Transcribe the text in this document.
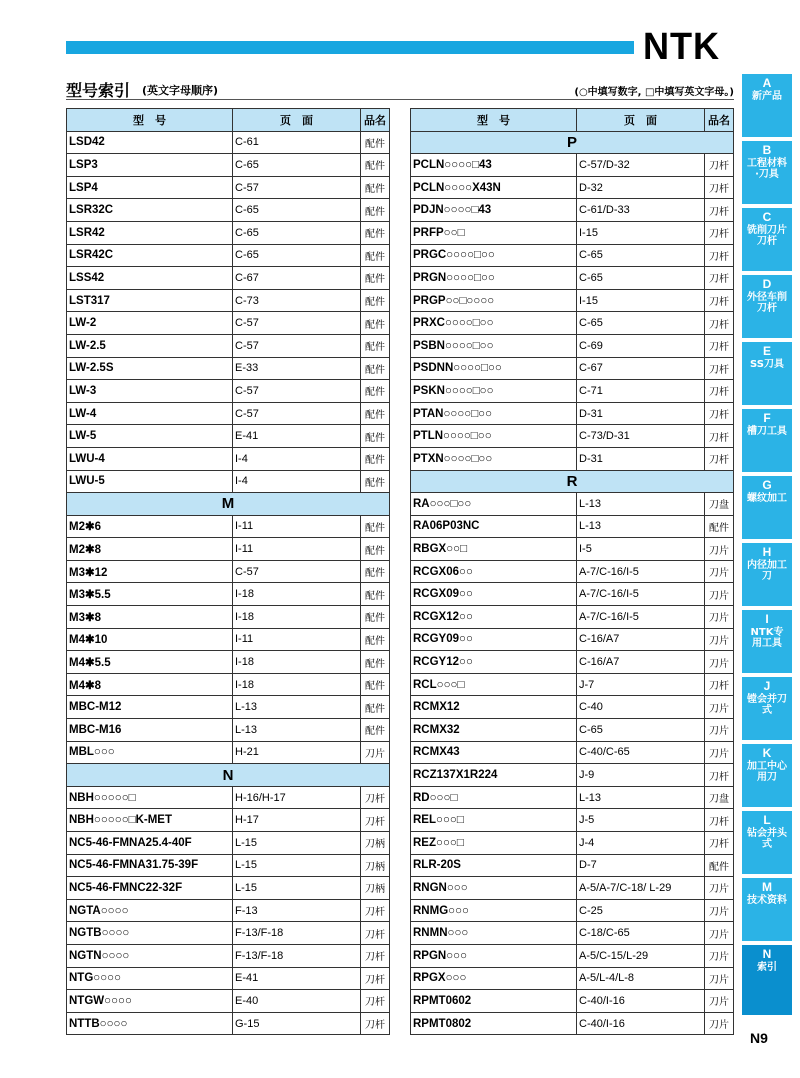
NTK
型号索引 (英文字母顺序)	(○中填写数字, □中填写英文字母。)
型　号	页　面	品名
LSD42	C-61	配件
LSP3	C-65	配件
LSP4	C-57	配件
LSR32C	C-65	配件
LSR42	C-65	配件
LSR42C	C-65	配件
LSS42	C-67	配件
LST317	C-73	配件
LW-2	C-57	配件
LW-2.5	C-57	配件
LW-2.5S	E-33	配件
LW-3	C-57	配件
LW-4	C-57	配件
LW-5	E-41	配件
LWU-4	I-4	配件
LWU-5	I-4	配件
M		
M2✱6	I-11	配件
M2✱8	I-11	配件
M3✱12	C-57	配件
M3✱5.5	I-18	配件
M3✱8	I-18	配件
M4✱10	I-11	配件
M4✱5.5	I-18	配件
M4✱8	I-18	配件
MBC-M12	L-13	配件
MBC-M16	L-13	配件
MBL○○○	H-21	刀片
N		
NBH○○○○○□	H-16/H-17	刀杆
NBH○○○○○□K-MET	H-17	刀杆
NC5-46-FMNA25.4-40F	L-15	刀柄
NC5-46-FMNA31.75-39F	L-15	刀柄
NC5-46-FMNC22-32F	L-15	刀柄
NGTA○○○○	F-13	刀杆
NGTB○○○○	F-13/F-18	刀杆
NGTN○○○○	F-13/F-18	刀杆
NTG○○○○	E-41	刀杆
NTGW○○○○	E-40	刀杆
NTTB○○○○	G-15	刀杆
型　号	页　面	品名
P		
PCLN○○○○□43	C-57/D-32	刀杆
PCLN○○○○X43N	D-32	刀杆
PDJN○○○○□43	C-61/D-33	刀杆
PRFP○○□	I-15	刀杆
PRGC○○○○□○○	C-65	刀杆
PRGN○○○○□○○	C-65	刀杆
PRGP○○□○○○○	I-15	刀杆
PRXC○○○○□○○	C-65	刀杆
PSBN○○○○□○○	C-69	刀杆
PSDNN○○○○□○○	C-67	刀杆
PSKN○○○○□○○	C-71	刀杆
PTAN○○○○□○○	D-31	刀杆
PTLN○○○○□○○	C-73/D-31	刀杆
PTXN○○○○□○○	D-31	刀杆
R		
RA○○○□○○	L-13	刀盘
RA06P03NC	L-13	配件
RBGX○○□	I-5	刀片
RCGX06○○	A-7/C-16/I-5	刀片
RCGX09○○	A-7/C-16/I-5	刀片
RCGX12○○	A-7/C-16/I-5	刀片
RCGY09○○	C-16/A7	刀片
RCGY12○○	C-16/A7	刀片
RCL○○○□	J-7	刀杆
RCMX12	C-40	刀片
RCMX32	C-65	刀片
RCMX43	C-40/C-65	刀片
RCZ137X1R224	J-9	刀杆
RD○○○□	L-13	刀盘
REL○○○□	J-5	刀杆
REZ○○○□	J-4	刀杆
RLR-20S	D-7	配件
RNGN○○○	A-5/A-7/C-18/ L-29	刀片
RNMG○○○	C-25	刀片
RNMN○○○	C-18/C-65	刀片
RPGN○○○	A-5/C-15/L-29	刀片
RPGX○○○	A-5/L-4/L-8	刀片
RPMT0602	C-40/I-16	刀片
RPMT0802	C-40/I-16	刀片
A
新产品
B
工程材料·刀具
C
铣削刀片刀杆
D
外径车削刀杆
E
SS刀具
F
槽刀工具
G
螺纹加工
H
内径加工刀
I
NTK专用工具
J
镗会并刀式
K
加工中心用刀
L
钻会并头式
M
技术资料
N
索引
N9
